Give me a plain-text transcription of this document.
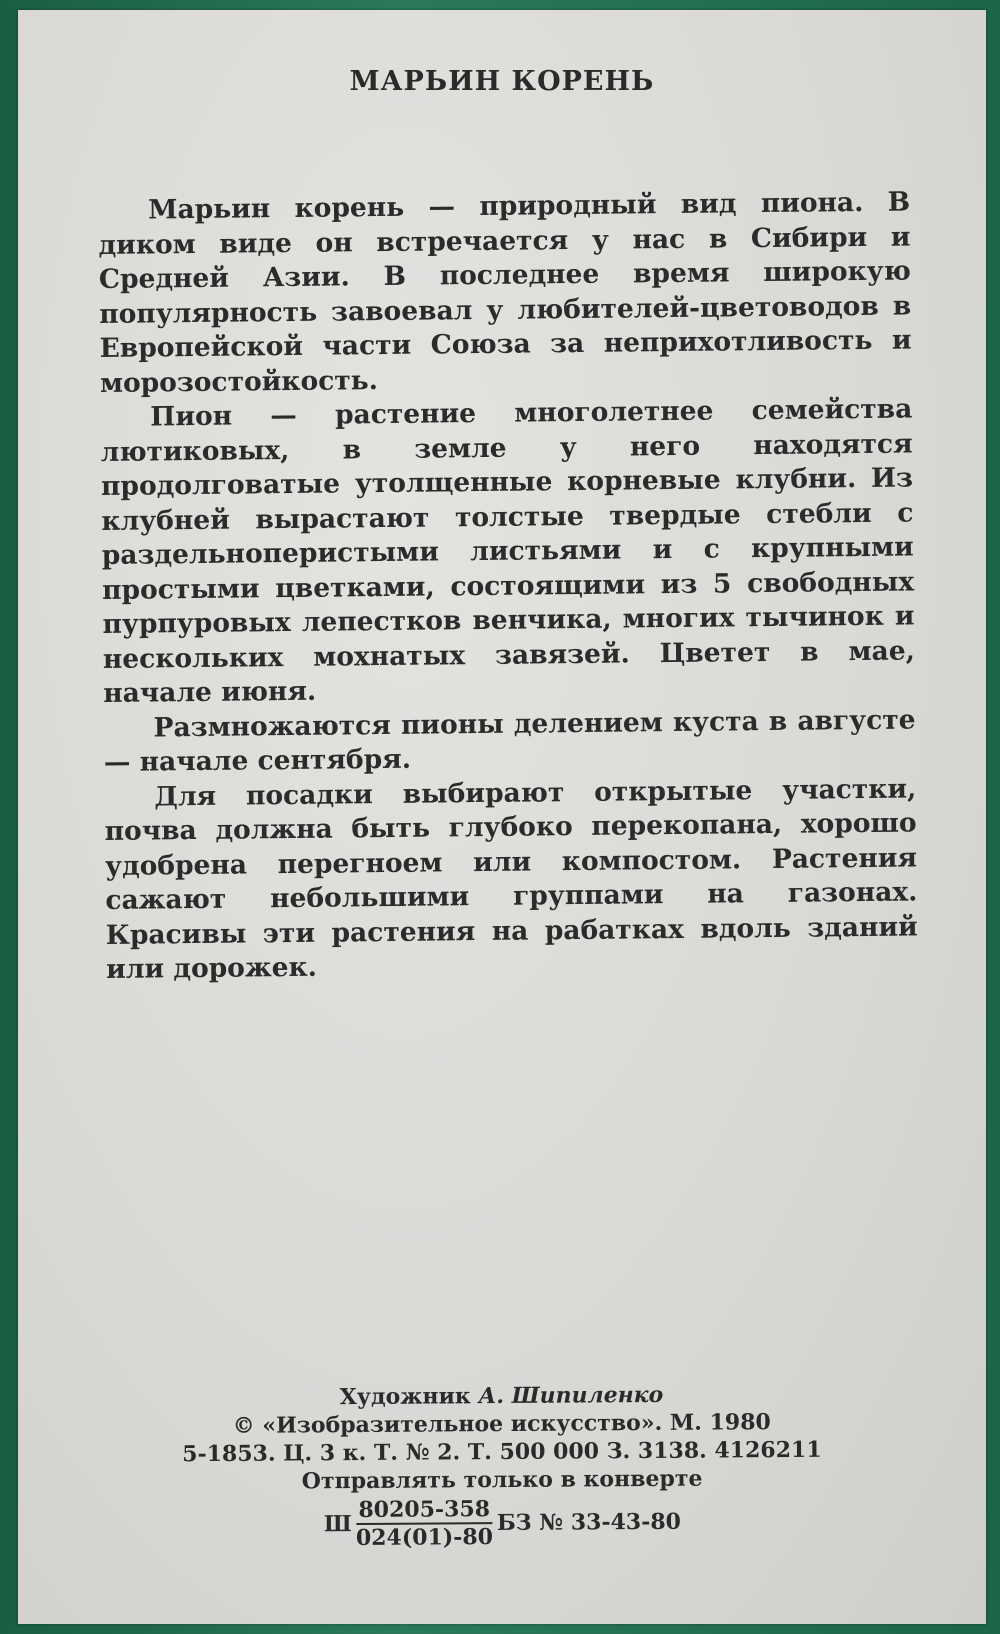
МАРЬИН КОРЕНЬ

Марьин корень — природный вид пиона. В диком виде он встречается у нас в Сибири и Средней Азии. В последнее время широкую популярность завоевал у любителей-цветоводов в Европейской части Союза за неприхотливость и морозостойкость.

Пион — растение многолетнее семейства лютиковых, в земле у него находятся продолговатые утолщенные корневые клубни. Из клубней вырастают толстые твердые стебли с раздельноперистыми листьями и с крупными простыми цветками, состоящими из 5 свободных пурпуровых лепестков венчика, многих тычинок и нескольких мохнатых завязей. Цветет в мае, начале июня.

Размножаются пионы делением куста в августе — начале сентября.

Для посадки выбирают открытые участки, почва должна быть глубоко перекопана, хорошо удобрена перегноем или компостом. Растения сажают небольшими группами на газонах. Красивы эти растения на рабатках вдоль зданий или дорожек.

Художник А. Шипиленко
© «Изобразительное искусство». М. 1980
5-1853. Ц. 3 к. Т. № 2. Т. 500 000 З. 3138. 4126211
Отправлять только в конверте
Ш $\frac{80205-358}{024(01)-80}$ БЗ № 33-43-80
